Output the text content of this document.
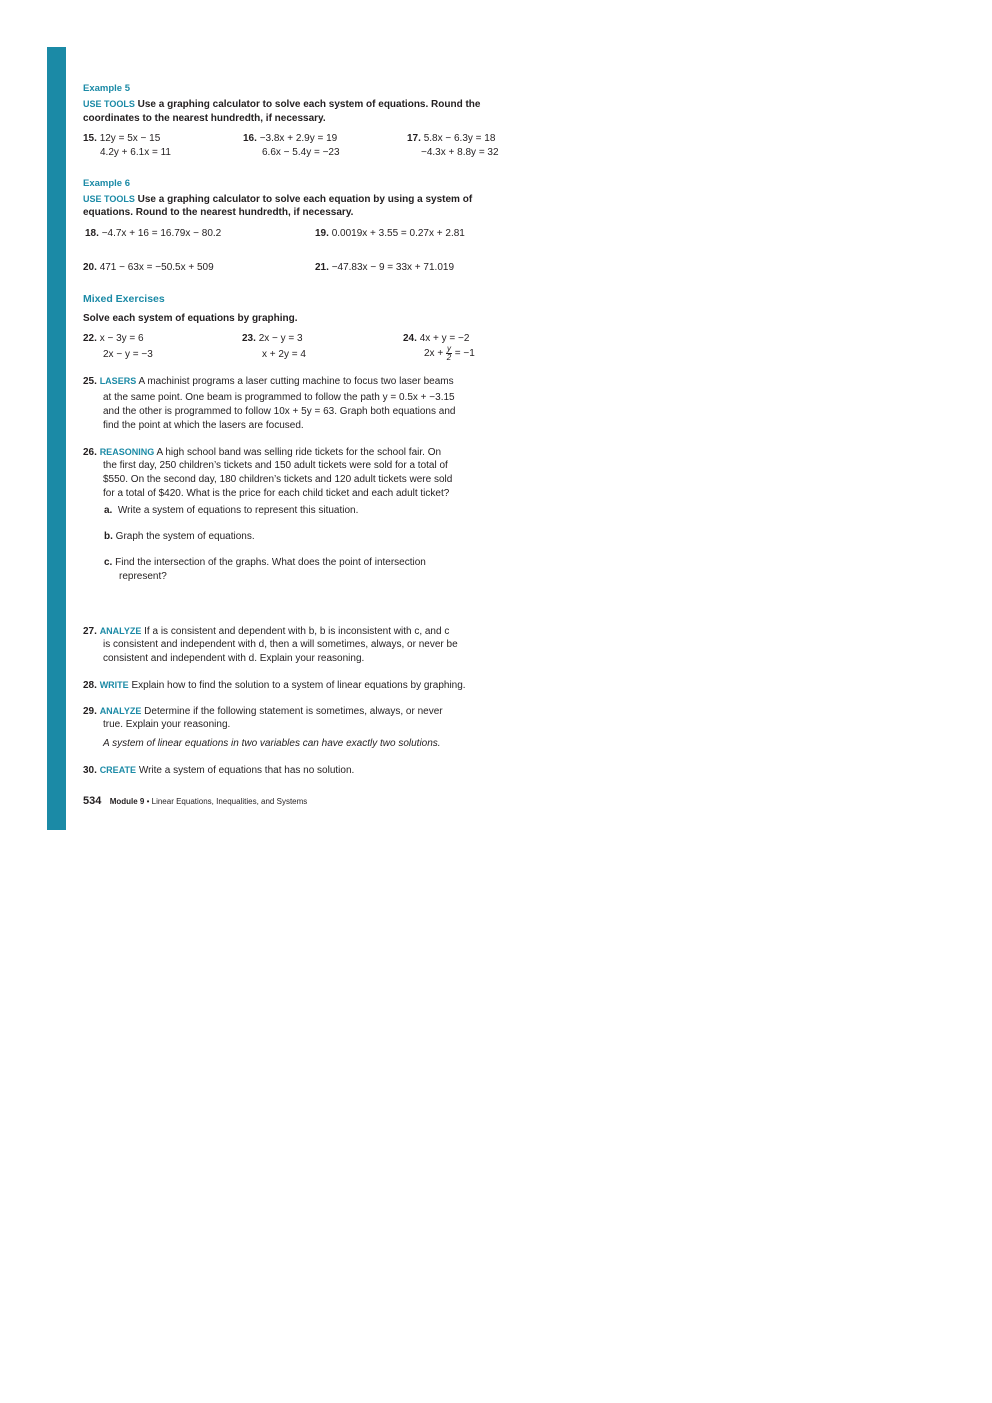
Example 5
USE TOOLS Use a graphing calculator to solve each system of equations. Round the
coordinates to the nearest hundredth, if necessary.
15. 12y = 5x − 15
4.2y + 6.1x = 11
16. −3.8x + 2.9y = 19
6.6x − 5.4y = −23
17. 5.8x − 6.3y = 18
−4.3x + 8.8y = 32
Example 6
USE TOOLS Use a graphing calculator to solve each equation by using a system of
equations. Round to the nearest hundredth, if necessary.
18. −4.7x + 16 = 16.79x − 80.2	19. 0.0019x + 3.55 = 0.27x + 2.81
20. 471 − 63x = −50.5x + 509	21. −47.83x − 9 = 33x + 71.019
Mixed Exercises
Solve each system of equations by graphing.
22. x − 3y = 6
2x − y = −3
23. 2x − y = 3
x + 2y = 4
24. 4x + y = −2
$2x + \frac{y}{2} = -1$
25. LASERS A machinist programs a laser cutting machine to focus two laser beams
at the same point. One beam is programmed to follow the path y = 0.5x + −3.15
and the other is programmed to follow 10x + 5y = 63. Graph both equations and
find the point at which the lasers are focused.
26. REASONING A high school band was selling ride tickets for the school fair. On
the first day, 250 children’s tickets and 150 adult tickets were sold for a total of
$550. On the second day, 180 children’s tickets and 120 adult tickets were sold
for a total of $420. What is the price for each child ticket and each adult ticket?
a. Write a system of equations to represent this situation.
b. Graph the system of equations.
c. Find the intersection of the graphs. What does the point of intersection
represent?
27. ANALYZE If a is consistent and dependent with b, b is inconsistent with c, and c
is consistent and independent with d, then a will sometimes, always, or never be
consistent and independent with d. Explain your reasoning.
28. WRITE Explain how to find the solution to a system of linear equations by graphing.
29. ANALYZE Determine if the following statement is sometimes, always, or never
true. Explain your reasoning.
A system of linear equations in two variables can have exactly two solutions.
30. CREATE Write a system of equations that has no solution.
534 Module 9 • Linear Equations, Inequalities, and Systems
